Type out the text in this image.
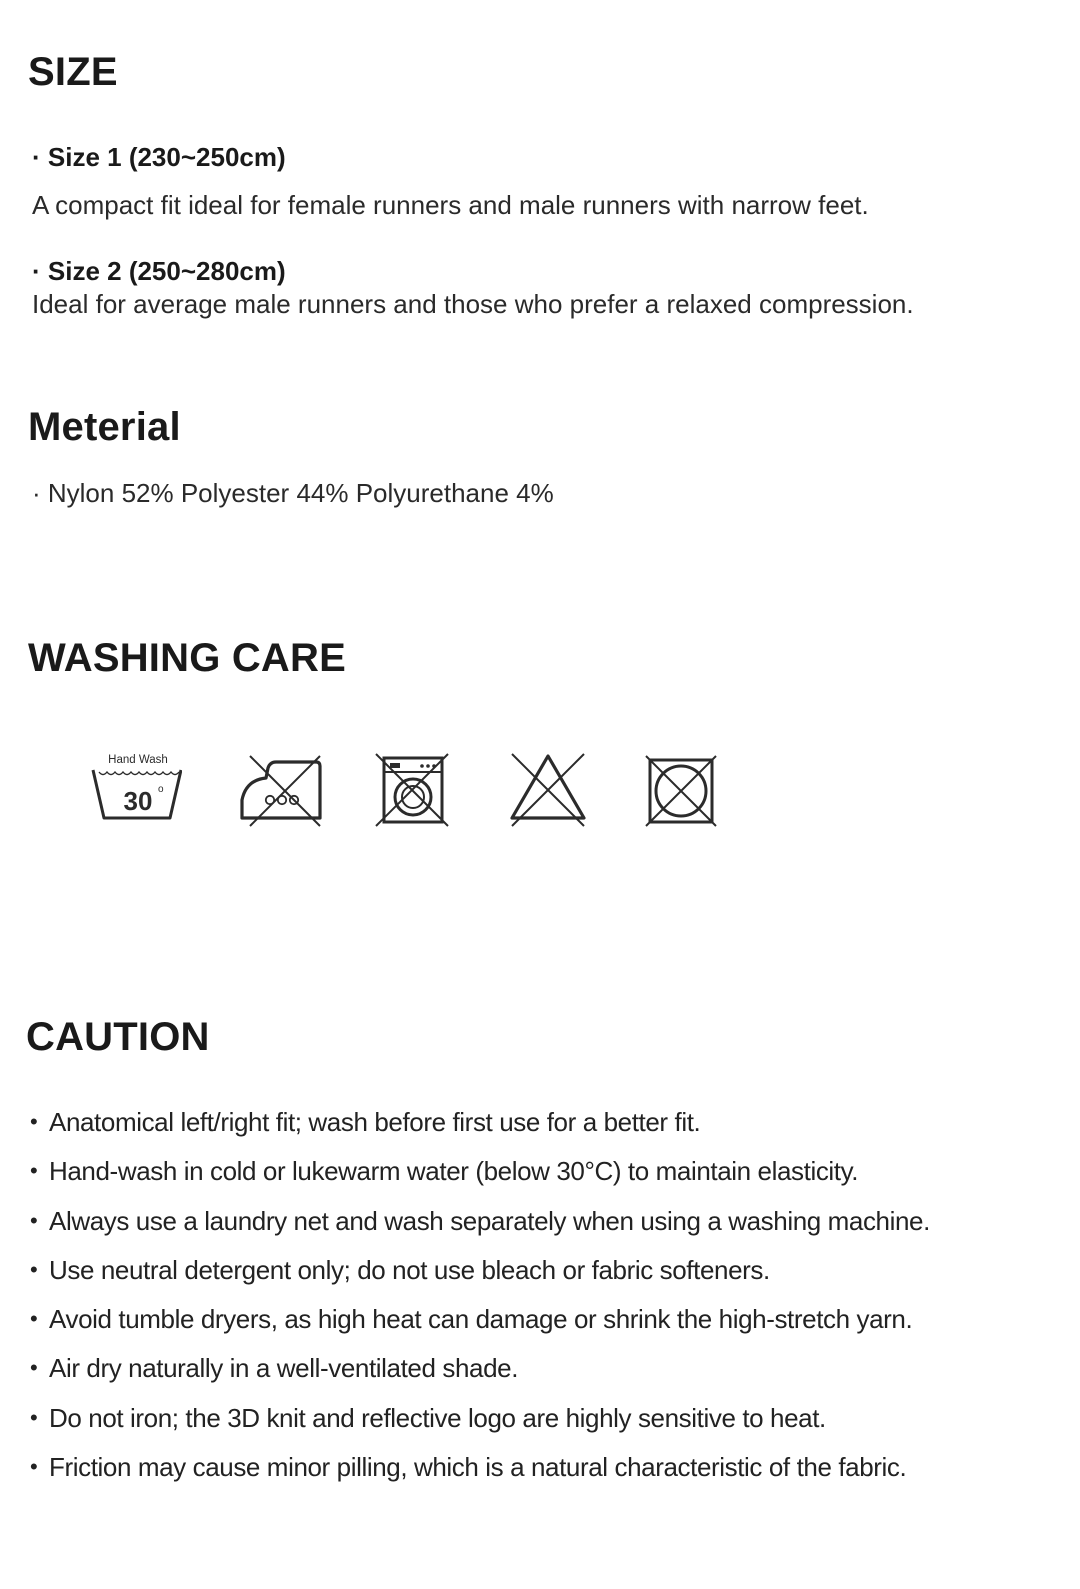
SIZE
· Size 1 (230~250cm)
A compact fit ideal for female runners and male runners with narrow feet.
· Size 2 (250~280cm)
Ideal for average male runners and those who prefer a relaxed compression.
Meterial
· Nylon 52% Polyester 44% Polyurethane 4%
WASHING CARE
Hand Wash
30 o
CAUTION
• Anatomical left/right fit; wash before first use for a better fit.
• Hand-wash in cold or lukewarm water (below 30°C) to maintain elasticity.
• Always use a laundry net and wash separately when using a washing machine.
• Use neutral detergent only; do not use bleach or fabric softeners.
• Avoid tumble dryers, as high heat can damage or shrink the high-stretch yarn.
• Air dry naturally in a well-ventilated shade.
• Do not iron; the 3D knit and reflective logo are highly sensitive to heat.
• Friction may cause minor pilling, which is a natural characteristic of the fabric.
